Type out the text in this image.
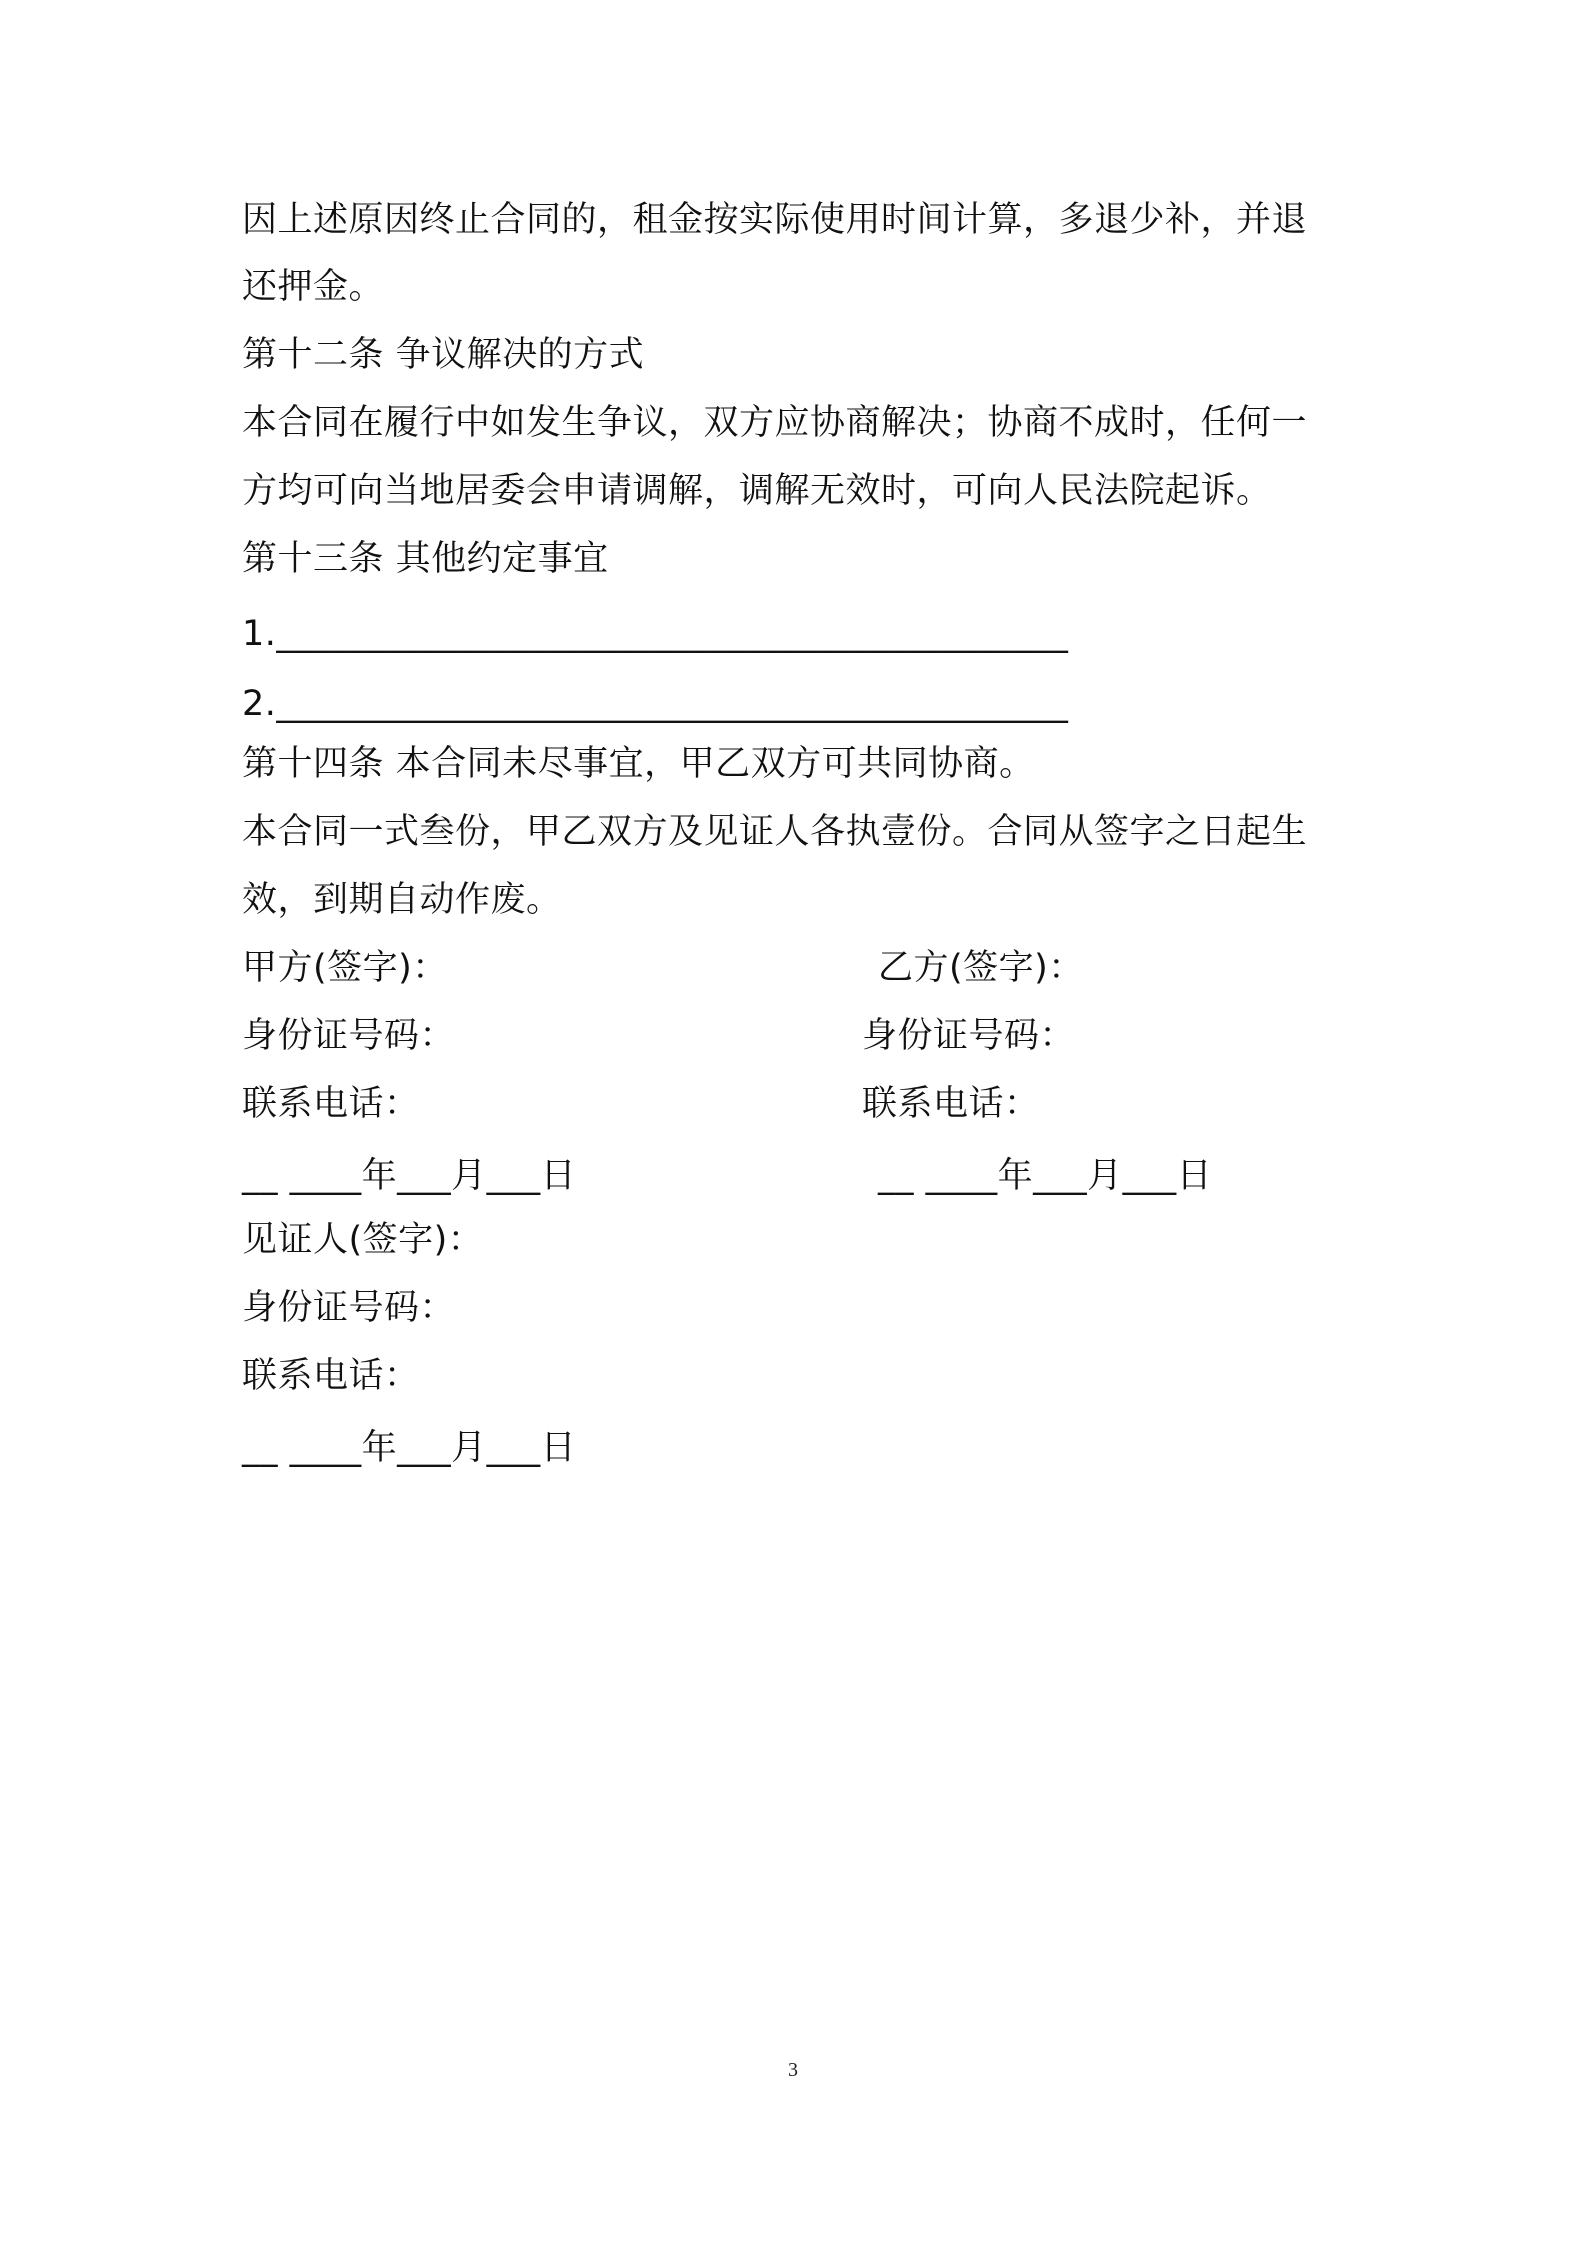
因上述原因终止合同的，租金按实际使用时间计算，多退少补，并退
还押金。
第十二条 争议解决的方式
本合同在履行中如发生争议，双方应协商解决；协商不成时，任何一
方均可向当地居委会申请调解，调解无效时，可向人民法院起诉。
第十三条 其他约定事宜
1.____________________________________________
2.____________________________________________
第十四条 本合同未尽事宜，甲乙双方可共同协商。
本合同一式叁份，甲乙双方及见证人各执壹份。合同从签字之日起生
效，到期自动作废。
甲方(签字)：	乙方(签字)：
身份证号码：	身份证号码：
联系电话：	联系电话：
__ ____年___月___日	__ ____年___月___日
见证人(签字)：
身份证号码：
联系电话：
__ ____年___月___日
3
